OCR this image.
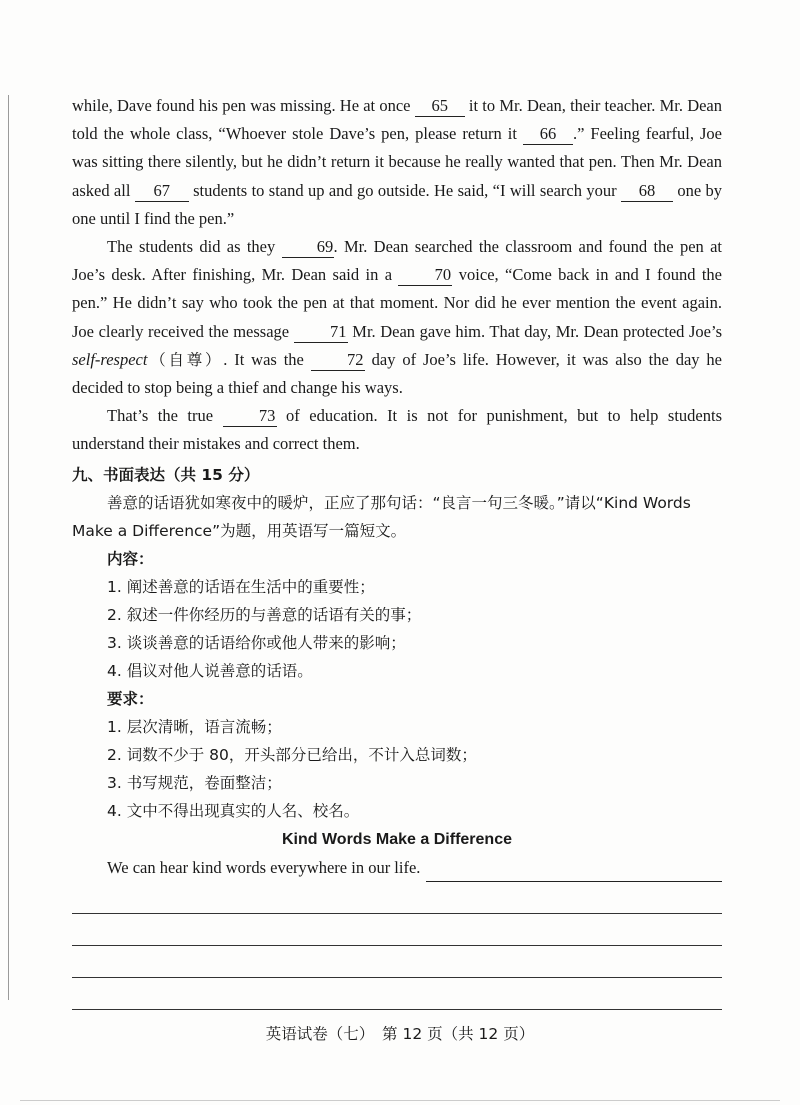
while, Dave found his pen was missing. He at once 65 it to Mr. Dean, their teacher. Mr. Dean told the whole class, “Whoever stole Dave’s pen, please return it 66 .” Feeling fearful, Joe was sitting there silently, but he didn’t return it because he really wanted that pen. Then Mr. Dean asked all 67 students to stand up and go outside. He said, “I will search your 68 one by one until I find the pen.”

The students did as they 69. Mr. Dean searched the classroom and found the pen at Joe’s desk. After finishing, Mr. Dean said in a 70 voice, “Come back in and I found the pen.” He didn’t say who took the pen at that moment. Nor did he ever mention the event again. Joe clearly received the message 71 Mr. Dean gave him. That day, Mr. Dean protected Joe’s self-respect（自尊）. It was the 72 day of Joe’s life. However, it was also the day he decided to stop being a thief and change his ways.

That’s the true 73 of education. It is not for punishment, but to help students understand their mistakes and correct them.

九、书面表达（共 15 分）

善意的话语犹如寒夜中的暖炉，正应了那句话：“良言一句三冬暖。”请以“Kind Words Make a Difference”为题，用英语写一篇短文。

内容：
1. 阐述善意的话语在生活中的重要性；
2. 叙述一件你经历的与善意的话语有关的事；
3. 谈谈善意的话语给你或他人带来的影响；
4. 倡议对他人说善意的话语。
要求：
1. 层次清晰，语言流畅；
2. 词数不少于 80，开头部分已给出，不计入总词数；
3. 书写规范，卷面整洁；
4. 文中不得出现真实的人名、校名。
Kind Words Make a Difference
We can hear kind words everywhere in our life.
英语试卷（七）　第 12 页（共 12 页）
